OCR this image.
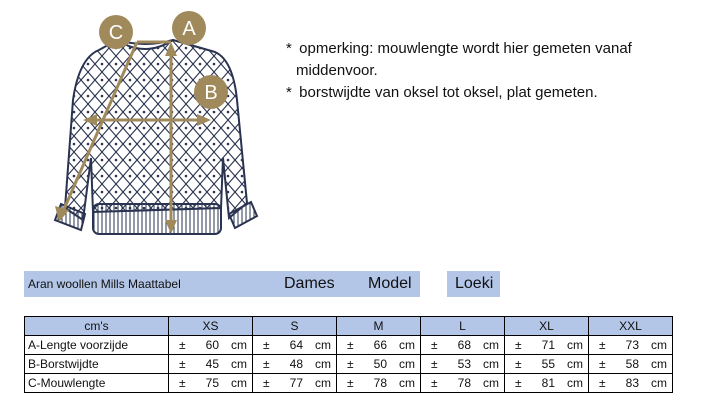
A
B
C

* opmerking: mouwlengte wordt hier gemeten vanaf
middenvoor.

* borstwijdte van oksel tot oksel, plat gemeten.

Aran woollen Mills Maattabel	Dames Model	Loeki
cm's	XS	S	M	L	XL	XXL
A-Lengte voorzijde	± 60 cm	± 64 cm	± 66 cm	± 68 cm	± 71 cm	± 73 cm

B-Borstwijdte	± 45 cm	± 48 cm	± 50 cm	± 53 cm	± 55 cm	± 58 cm

C-Mouwlengte	± 75 cm	± 77 cm	± 78 cm	± 78 cm	± 81 cm	± 83 cm
